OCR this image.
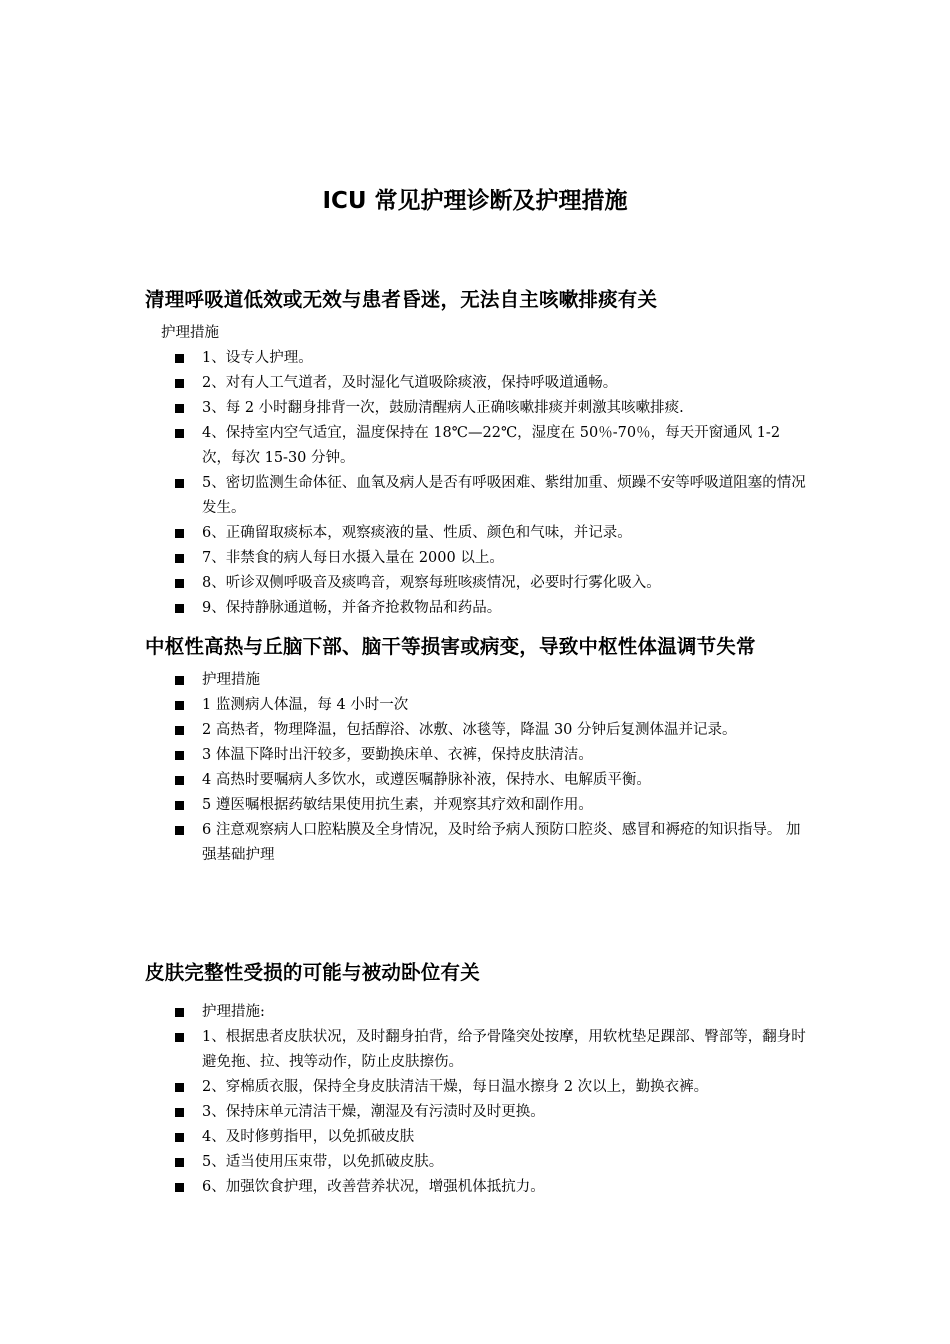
ICU 常见护理诊断及护理措施
清理呼吸道低效或无效与患者昏迷，无法自主咳嗽排痰有关

护理措施

1、设专人护理。
2、对有人工气道者，及时湿化气道吸除痰液，保持呼吸道通畅。
3、每 2 小时翻身排背一次，鼓励清醒病人正确咳嗽排痰并刺激其咳嗽排痰.
4、保持室内空气适宜，温度保持在 18℃—22℃，湿度在 50％-70％，每天开窗通风 1-2 次，每次 15-30 分钟。
5、密切监测生命体征、血氧及病人是否有呼吸困难、紫绀加重、烦躁不安等呼吸道阻塞的情况发生。
6、正确留取痰标本，观察痰液的量、性质、颜色和气味，并记录。
7、非禁食的病人每日水摄入量在 2000 以上。
8、听诊双侧呼吸音及痰鸣音，观察每班咳痰情况，必要时行雾化吸入。
9、保持静脉通道畅，并备齐抢救物品和药品。
中枢性高热与丘脑下部、脑干等损害或病变，导致中枢性体温调节失常
护理措施
1 监测病人体温，每 4 小时一次
2 高热者，物理降温，包括醇浴、冰敷、冰毯等，降温 30 分钟后复测体温并记录。
3 体温下降时出汗较多，要勤换床单、衣裤，保持皮肤清洁。
4 高热时要嘱病人多饮水，或遵医嘱静脉补液，保持水、电解质平衡。
5 遵医嘱根据药敏结果使用抗生素，并观察其疗效和副作用。
6 注意观察病人口腔粘膜及全身情况，及时给予病人预防口腔炎、感冒和褥疮的知识指导。 加强基础护理
皮肤完整性受损的可能与被动卧位有关
护理措施:
1、根据患者皮肤状况，及时翻身拍背，给予骨隆突处按摩，用软枕垫足踝部、臀部等，翻身时避免拖、拉、拽等动作，防止皮肤擦伤。
2、穿棉质衣服，保持全身皮肤清洁干燥，每日温水擦身 2 次以上，勤换衣裤。
3、保持床单元清洁干燥，潮湿及有污渍时及时更换。
4、及时修剪指甲，以免抓破皮肤
5、适当使用压束带，以免抓破皮肤。
6、加强饮食护理，改善营养状况，增强机体抵抗力。
